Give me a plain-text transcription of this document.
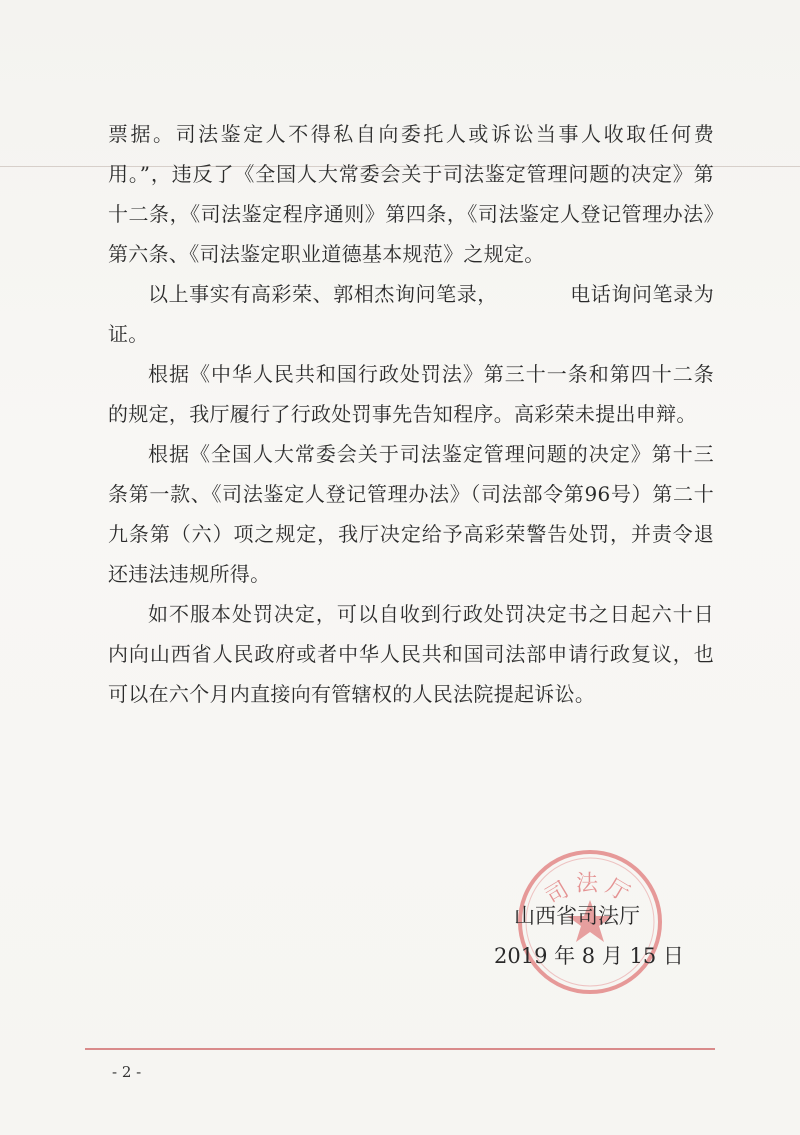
票据。司法鉴定人不得私自向委托人或诉讼当事人收取任何费用。”，违反了《全国人大常委会关于司法鉴定管理问题的决定》第十二条，《司法鉴定程序通则》第四条，《司法鉴定人登记管理办法》第六条、《司法鉴定职业道德基本规范》之规定。

以上事实有高彩荣、郭相杰询问笔录，　　　　电话询问笔录为证。

根据《中华人民共和国行政处罚法》第三十一条和第四十二条的规定，我厅履行了行政处罚事先告知程序。高彩荣未提出申辩。

根据《全国人大常委会关于司法鉴定管理问题的决定》第十三条第一款、《司法鉴定人登记管理办法》（司法部令第96号）第二十九条第（六）项之规定，我厅决定给予高彩荣警告处罚，并责令退还违法违规所得。

如不服本处罚决定，可以自收到行政处罚决定书之日起六十日内向山西省人民政府或者中华人民共和国司法部申请行政复议，也可以在六个月内直接向有管辖权的人民法院提起诉讼。

司法厅
山西省司法厅
2019 年 8 月 15 日
- 2 -
